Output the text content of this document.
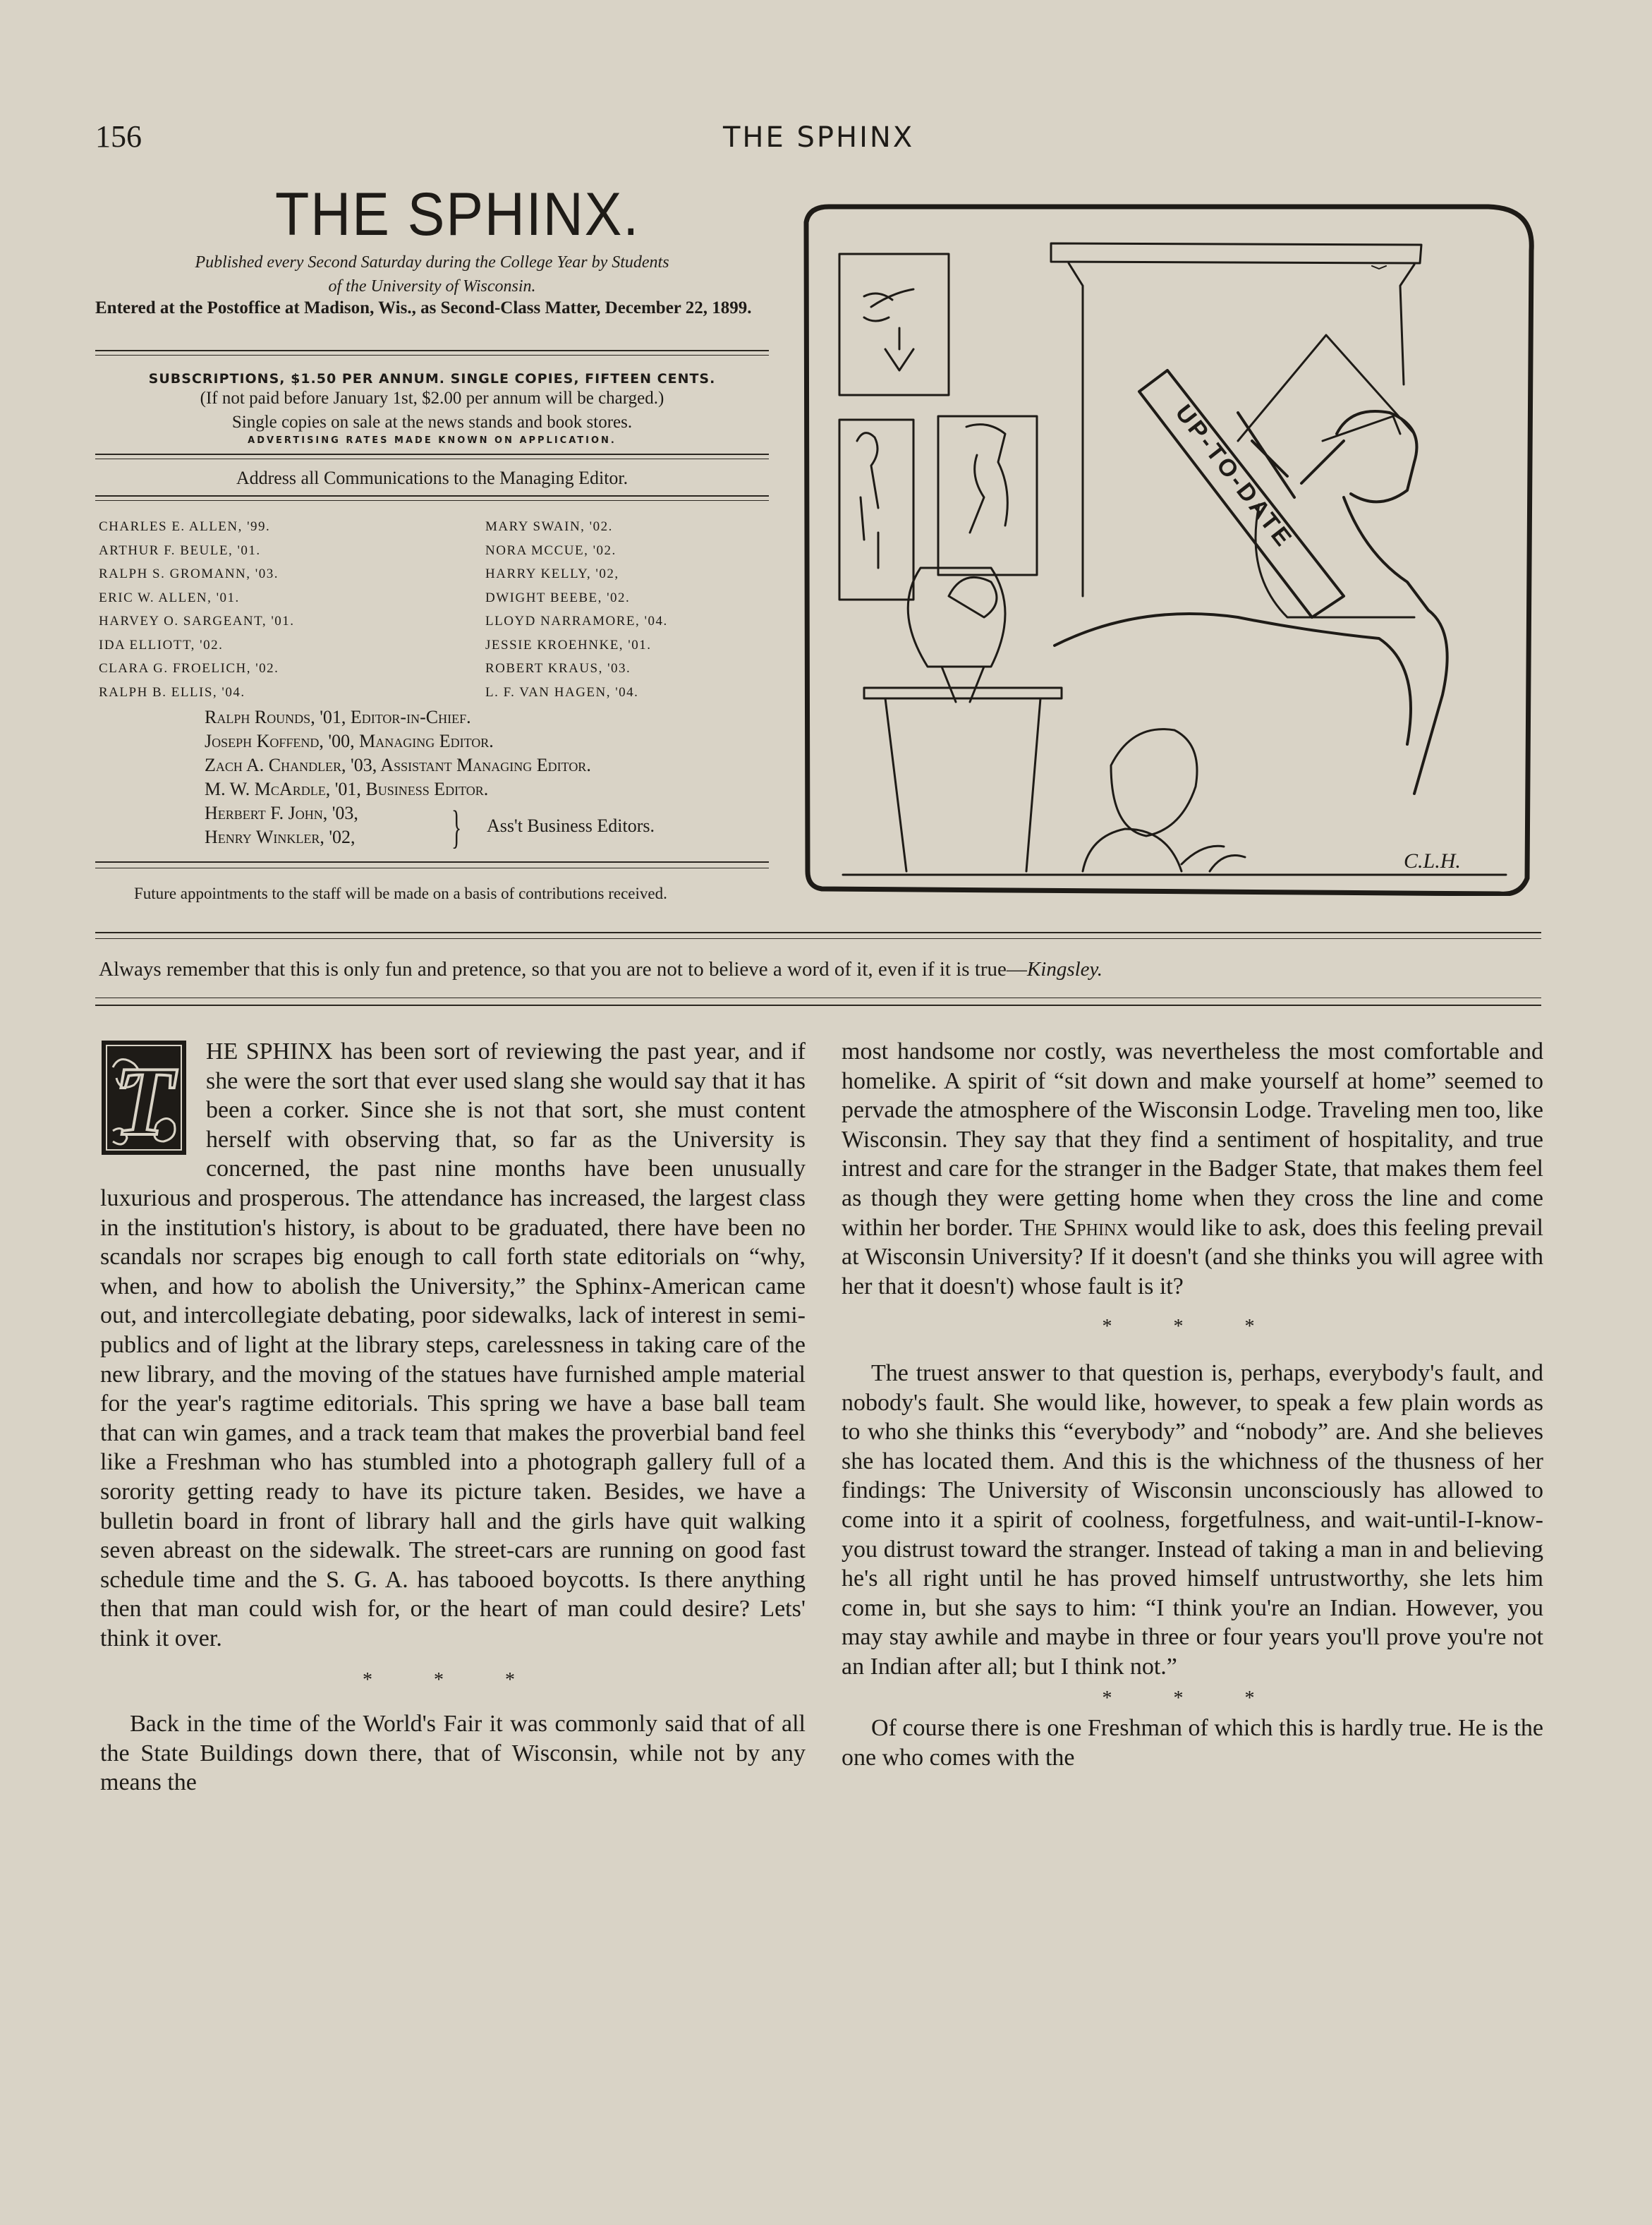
156	THE SPHINX
THE SPHINX.
Published every Second Saturday during the College Year by Students
of the University of Wisconsin.
Entered at the Postoffice at Madison, Wis., as Second-Class Matter, December 22, 1899.
SUBSCRIPTIONS, $1.50 PER ANNUM. SINGLE COPIES, FIFTEEN CENTS.
(If not paid before January 1st, $2.00 per annum will be charged.)
Single copies on sale at the news stands and book stores.
ADVERTISING RATES MADE KNOWN ON APPLICATION.
Address all Communications to the Managing Editor.
CHARLES E. ALLEN, '99.
ARTHUR F. BEULE, '01.
RALPH S. GROMANN, '03.
ERIC W. ALLEN, '01.
HARVEY O. SARGEANT, '01.
IDA ELLIOTT, '02.
CLARA G. FROELICH, '02.
RALPH B. ELLIS, '04.
MARY SWAIN, '02.
NORA MCCUE, '02.
HARRY KELLY, '02,
DWIGHT BEEBE, '02.
LLOYD NARRAMORE, '04.
JESSIE KROEHNKE, '01.
ROBERT KRAUS, '03.
L. F. VAN HAGEN, '04.
Ralph Rounds, '01, Editor-in-Chief.
Joseph Koffend, '00, Managing Editor.
Zach A. Chandler, '03, Assistant Managing Editor.
M. W. McArdle, '01, Business Editor.
Herbert F. John, '03,
Henry Winkler, '02, } Ass't Business Editors.
Future appointments to the staff will be made on a basis of contributions received.
UP-TO-DATE
C.L.H.
Always remember that this is only fun and pretence, so that you are not to believe a word of it, even if it is true—Kingsley.
T	HE SPHINX has been sort of reviewing the past year, and if she were the sort that ever used slang she would say that it has been a corker. Since she is not that sort, she must content herself with observing that, so far as the University is concerned, the past nine months have been unusually luxurious and prosperous. The attendance has increased, the largest class in the institution's history, is about to be graduated, there have been no scandals nor scrapes big enough to call forth state editorials on “why, when, and how to abolish the University,” the Sphinx-American came out, and intercollegiate debating, poor sidewalks, lack of interest in semi-publics and of light at the library steps, carelessness in taking care of the new library, and the moving of the statues have furnished ample material for the year's ragtime editorials. This spring we have a base ball team that can win games, and a track team that makes the proverbial band feel like a Freshman who has stumbled into a photograph gallery full of a sorority getting ready to have its picture taken. Besides, we have a bulletin board in front of library hall and the girls have quit walking seven abreast on the sidewalk. The street-cars are running on good fast schedule time and the S. G. A. has tabooed boycotts. Is there anything then that man could wish for, or the heart of man could desire? Lets' think it over.

* * *

Back in the time of the World's Fair it was commonly said that of all the State Buildings down there, that of Wisconsin, while not by any means the

most handsome nor costly, was nevertheless the most comfortable and homelike. A spirit of “sit down and make yourself at home” seemed to pervade the atmosphere of the Wisconsin Lodge. Traveling men too, like Wisconsin. They say that they find a sentiment of hospitality, and true intrest and care for the stranger in the Badger State, that makes them feel as though they were getting home when they cross the line and come within her border. The Sphinx would like to ask, does this feeling prevail at Wisconsin University? If it doesn't (and she thinks you will agree with her that it doesn't) whose fault is it?

* * *

The truest answer to that question is, perhaps, everybody's fault, and nobody's fault. She would like, however, to speak a few plain words as to who she thinks this “everybody” and “nobody” are. And she believes she has located them. And this is the whichness of the thusness of her findings: The University of Wisconsin unconsciously has allowed to come into it a spirit of coolness, forgetfulness, and wait-until-I-know-you distrust toward the stranger. Instead of taking a man in and believing he's all right until he has proved himself untrustworthy, she lets him come in, but she says to him: “I think you're an Indian. However, you may stay awhile and maybe in three or four years you'll prove you're not an Indian after all; but I think not.”

* * *

Of course there is one Freshman of which this is hardly true. He is the one who comes with the
